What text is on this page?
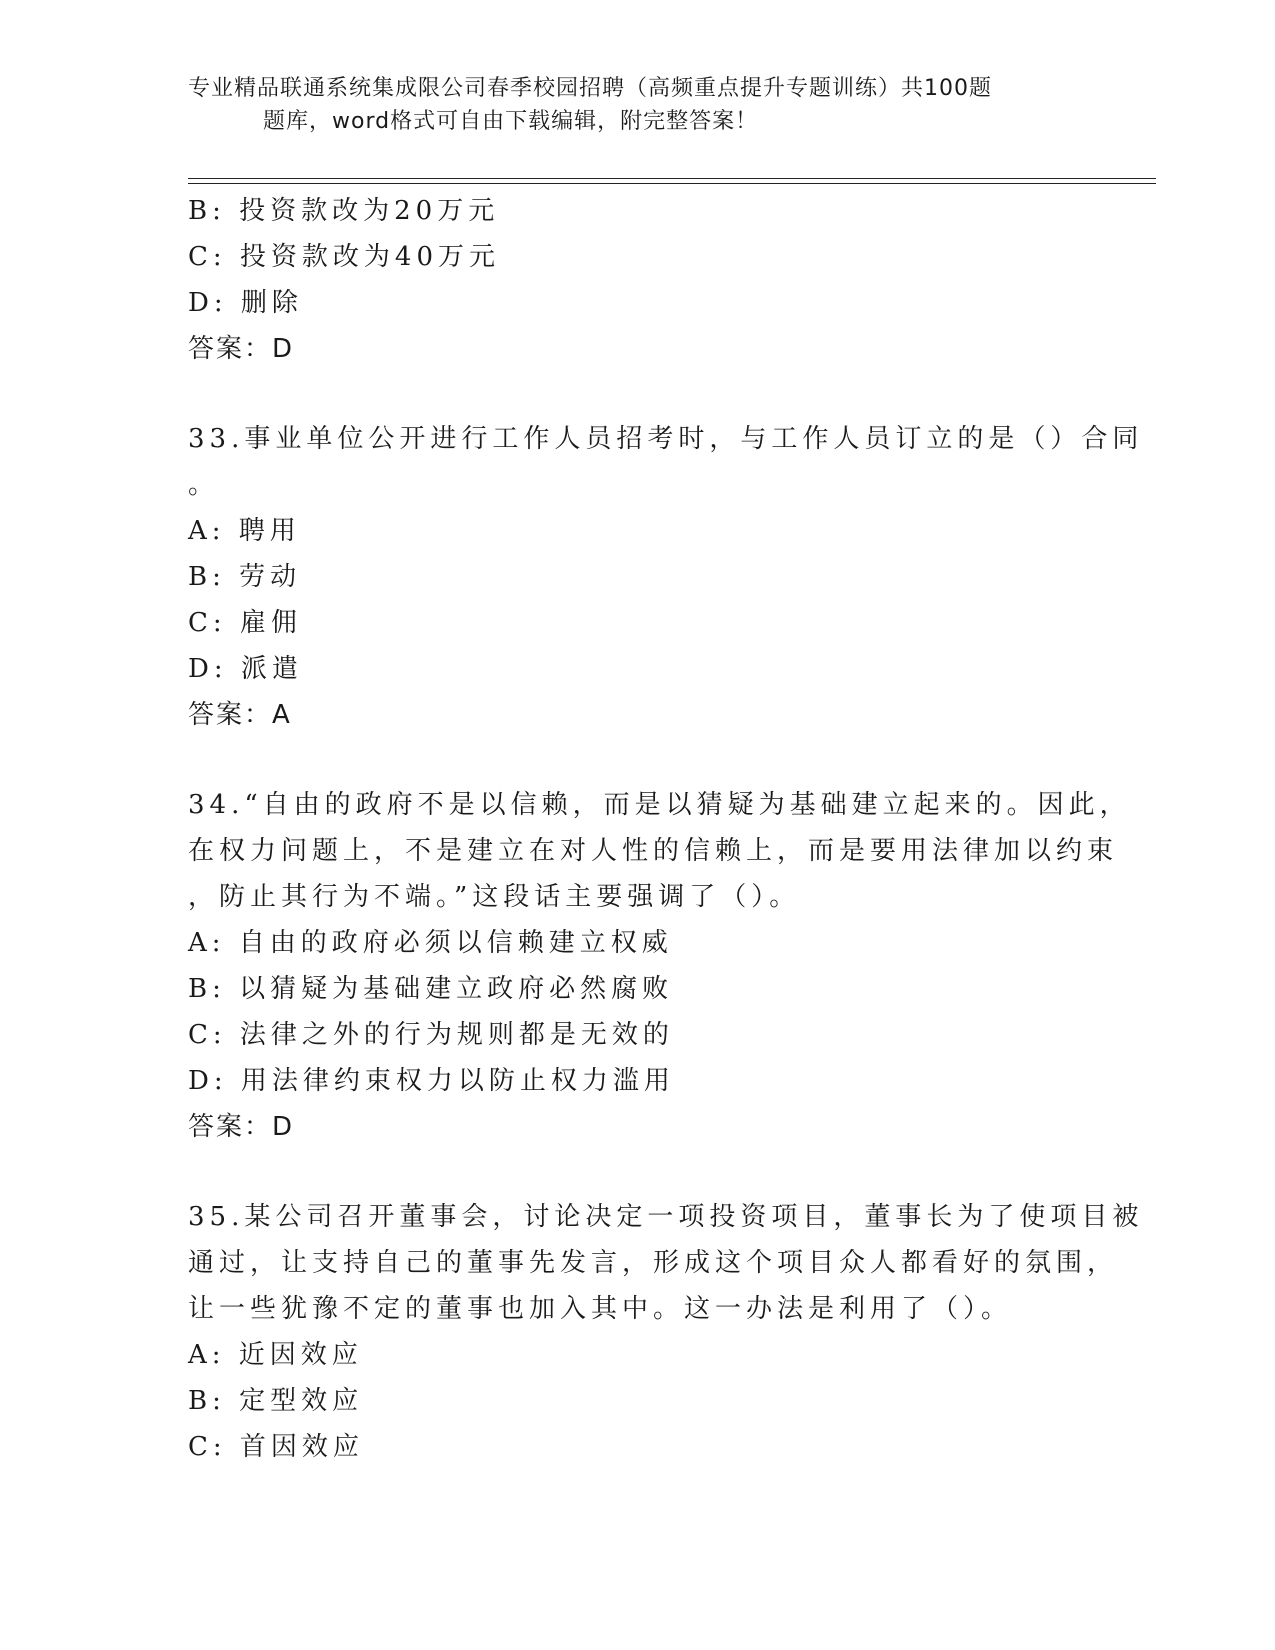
专业精品联通系统集成限公司春季校园招聘（高频重点提升专题训练）共100题
题库，word格式可自由下载编辑，附完整答案！
B: 投资款改为20万元
C: 投资款改为40万元
D: 删除
答案：D
33.事业单位公开进行工作人员招考时，与工作人员订立的是（）合同
。
A: 聘用
B: 劳动
C: 雇佣
D: 派遣
答案：A
34.“自由的政府不是以信赖，而是以猜疑为基础建立起来的。因此，
在权力问题上，不是建立在对人性的信赖上，而是要用法律加以约束
，防止其行为不端。”这段话主要强调了（）。
A: 自由的政府必须以信赖建立权威
B: 以猜疑为基础建立政府必然腐败
C: 法律之外的行为规则都是无效的
D: 用法律约束权力以防止权力滥用
答案：D
35.某公司召开董事会，讨论决定一项投资项目，董事长为了使项目被
通过，让支持自己的董事先发言，形成这个项目众人都看好的氛围，
让一些犹豫不定的董事也加入其中。这一办法是利用了（）。
A: 近因效应
B: 定型效应
C: 首因效应
